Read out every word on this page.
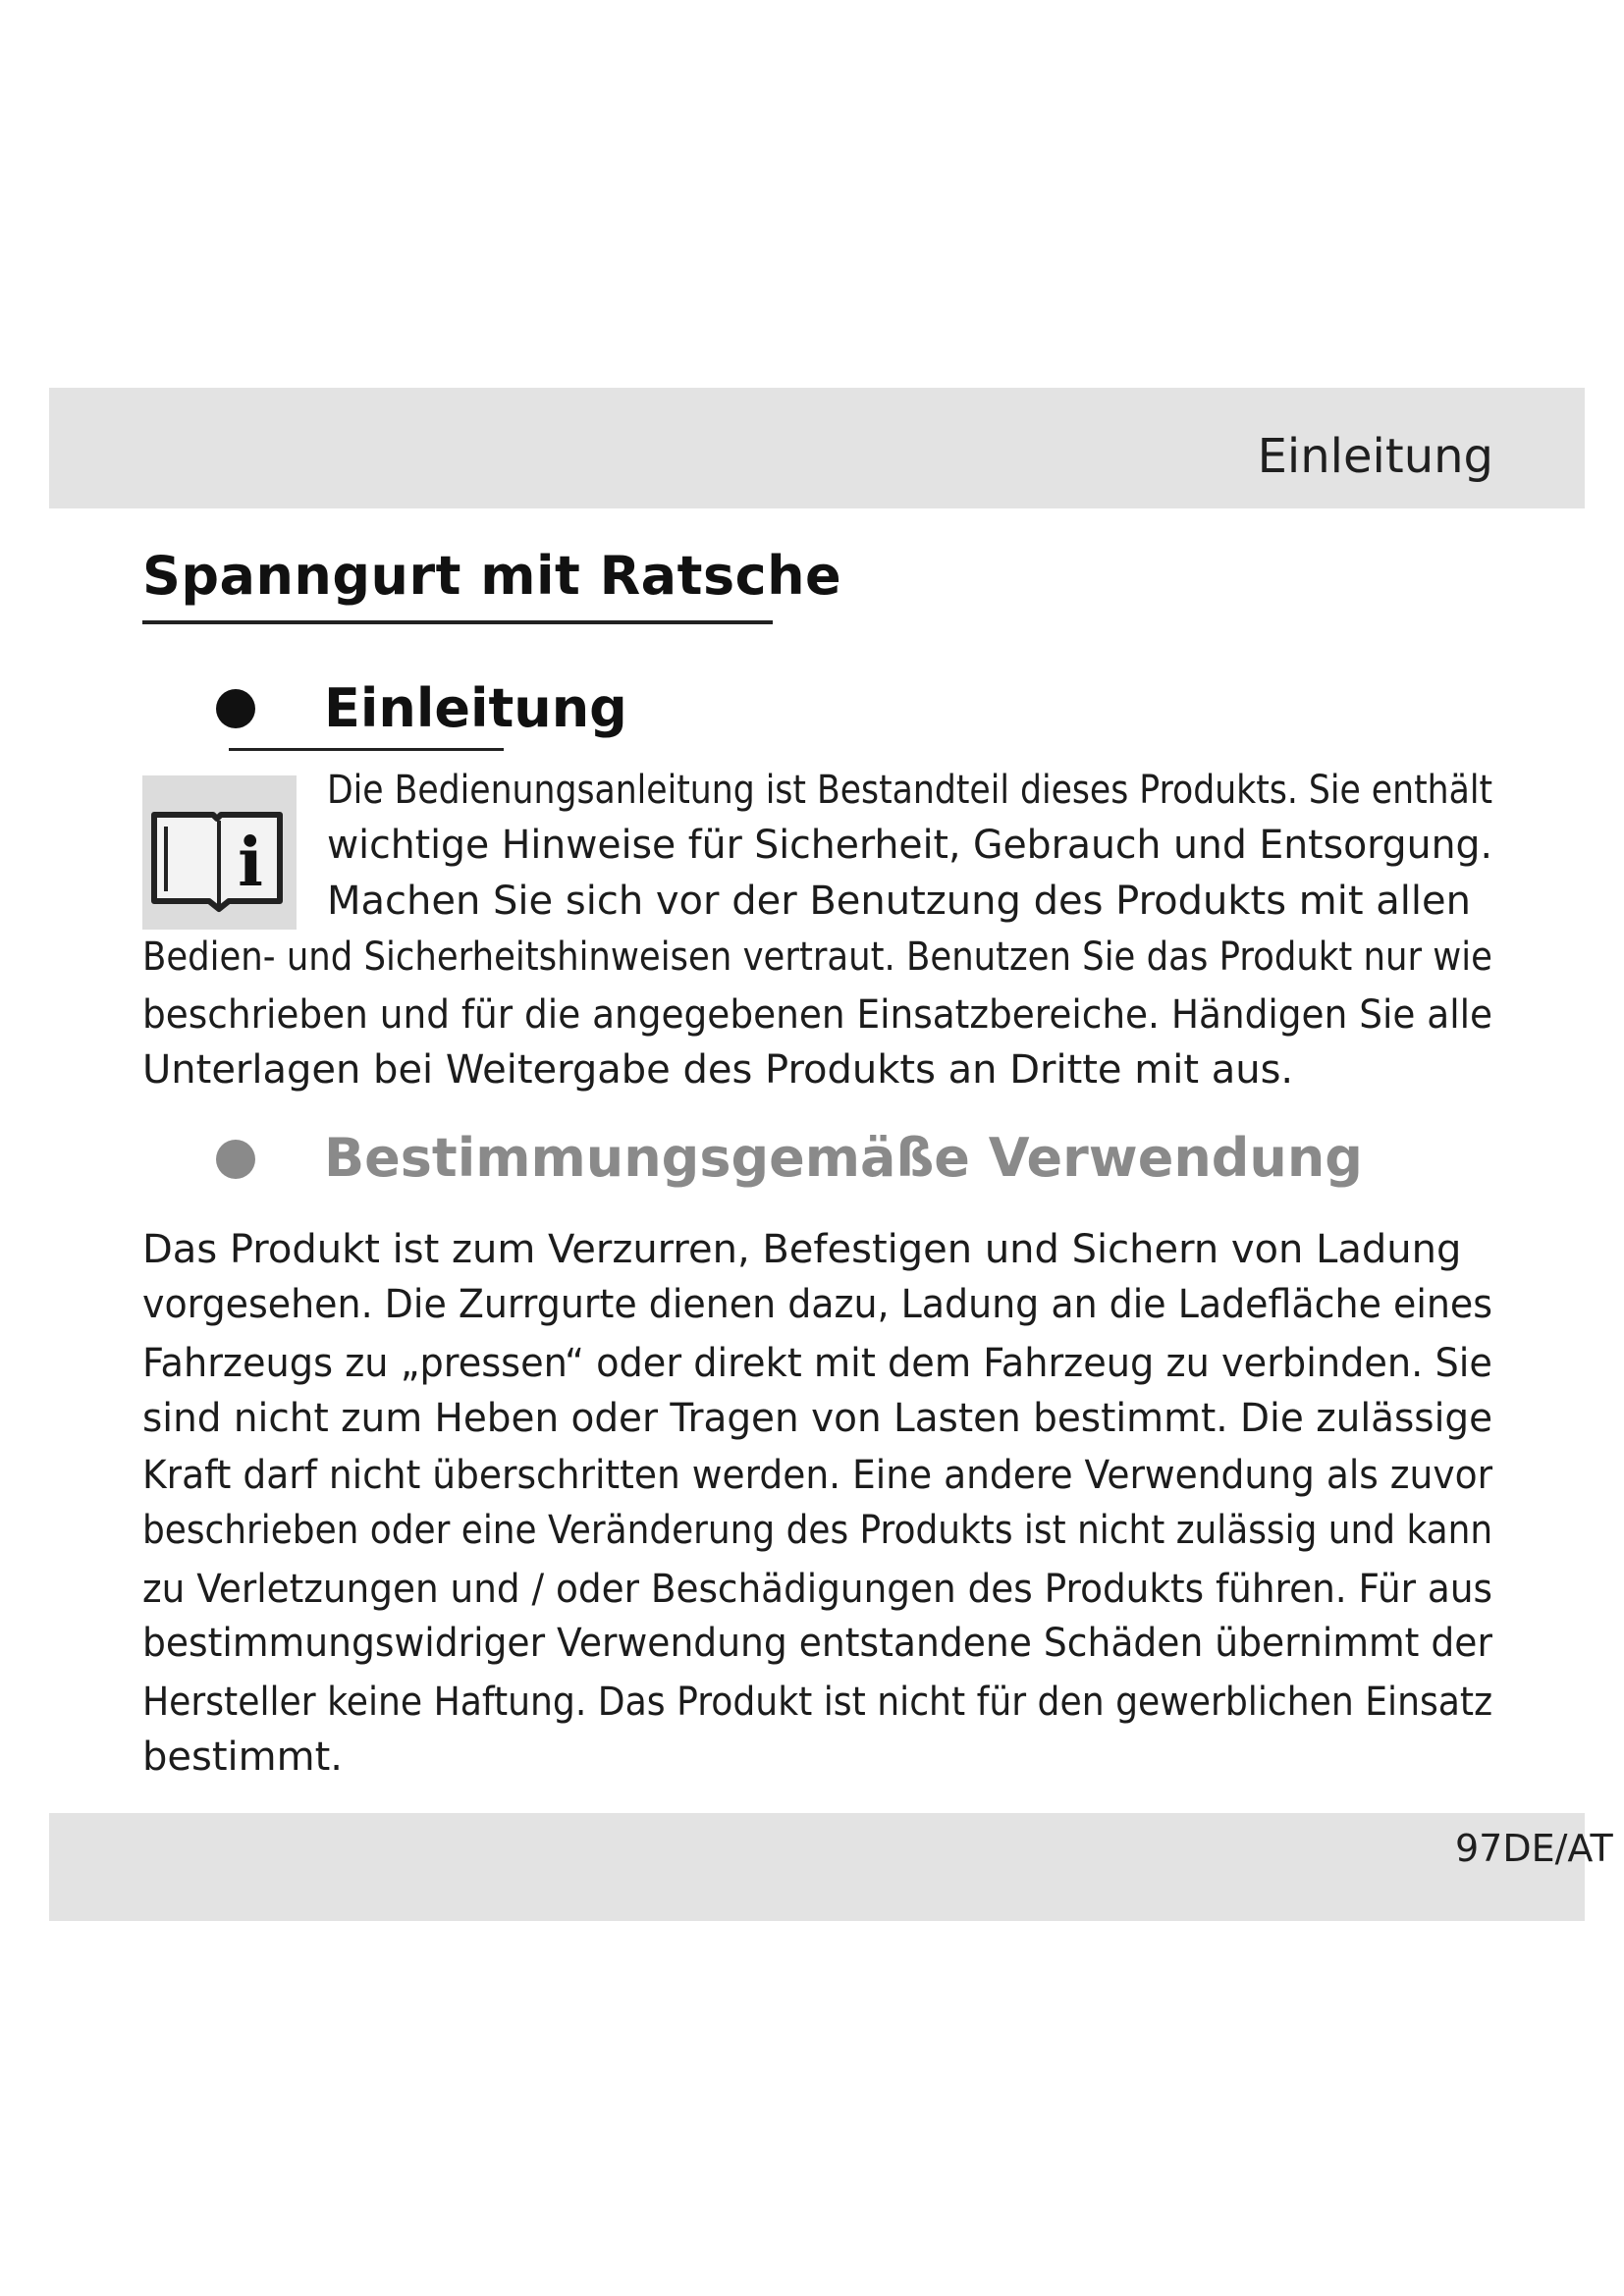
Einleitung
Spanngurt mit Ratsche
Einleitung
i
Die Bedienungsanleitung ist Bestandteil dieses Produkts. Sie enthält
wichtige Hinweise für Sicherheit, Gebrauch und Entsorgung.
Machen Sie sich vor der Benutzung des Produkts mit allen
Bedien- und Sicherheitshinweisen vertraut. Benutzen Sie das Produkt nur wie
beschrieben und für die angegebenen Einsatzbereiche. Händigen Sie alle
Unterlagen bei Weitergabe des Produkts an Dritte mit aus.
Bestimmungsgemäße Verwendung
Das Produkt ist zum Verzurren, Befestigen und Sichern von Ladung
vorgesehen. Die Zurrgurte dienen dazu, Ladung an die Ladefläche eines
Fahrzeugs zu „pressen“ oder direkt mit dem Fahrzeug zu verbinden. Sie
sind nicht zum Heben oder Tragen von Lasten bestimmt. Die zulässige
Kraft darf nicht überschritten werden. Eine andere Verwendung als zuvor
beschrieben oder eine Veränderung des Produkts ist nicht zulässig und kann
zu Verletzungen und / oder Beschädigungen des Produkts führen. Für aus
bestimmungswidriger Verwendung entstandene Schäden übernimmt der
Hersteller keine Haftung. Das Produkt ist nicht für den gewerblichen Einsatz
bestimmt.
97DE/AT
